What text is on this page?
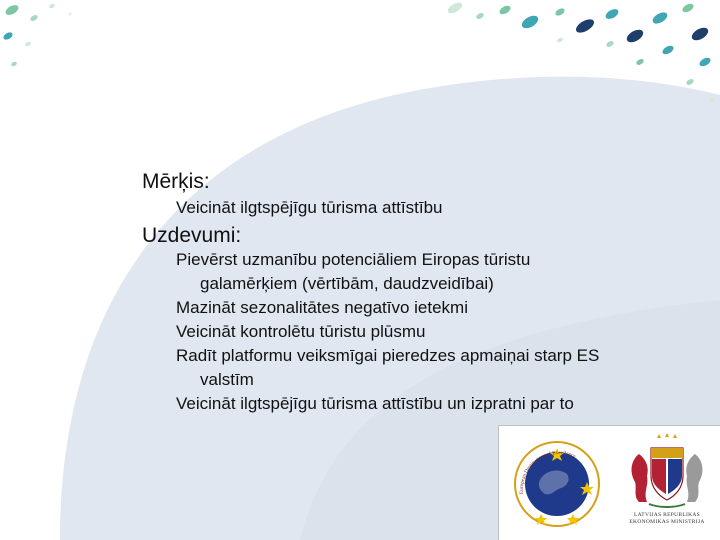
Mērķis:

Veicināt ilgtspējīgu tūrisma attīstību

Uzdevumi:

Pievērst uzmanību potenciāliem Eiropas tūristu
galamērķiem (vērtībām, daudzveidībai)

Mazināt sezonalitātes negatīvo ietekmi

Veicināt kontrolētu tūristu plūsmu

Radīt platformu veiksmīgai pieredzes apmaiņai starp ES
valstīm

Veicināt ilgtspējīgu tūrisma attīstību un izpratni par to

European Destinations of Excellence
LATVIJAS REPUBLIKAS
EKONOMIKAS MINISTRIJA
